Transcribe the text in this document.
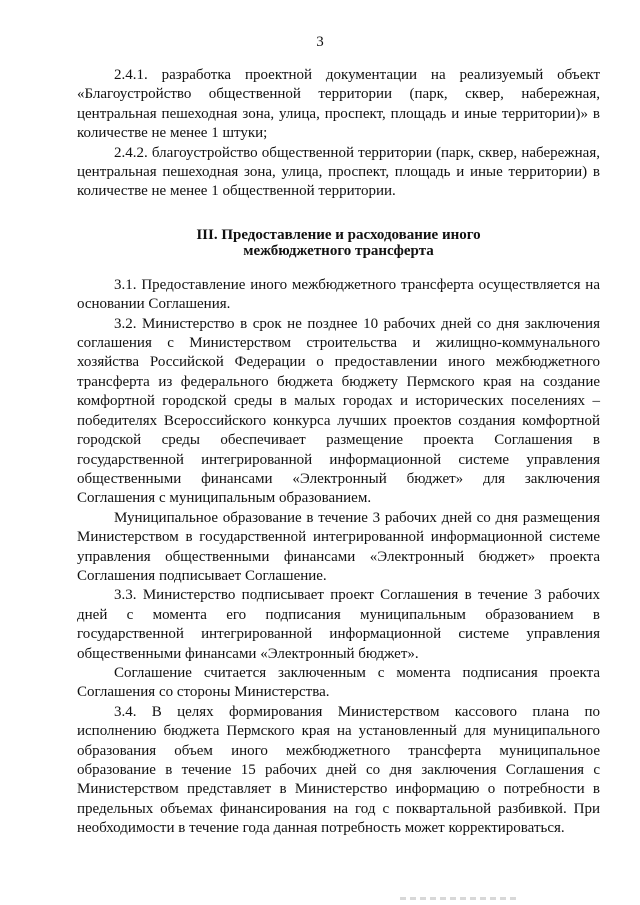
3

2.4.1. разработка проектной документации на реализуемый объект «Благоустройство общественной территории (парк, сквер, набережная, центральная пешеходная зона, улица, проспект, площадь и иные территории)» в количестве не менее 1 штуки;

2.4.2. благоустройство общественной территории (парк, сквер, набережная, центральная пешеходная зона, улица, проспект, площадь и иные территории) в количестве не менее 1 общественной территории.

III. Предоставление и расходование иного
межбюджетного трансферта

3.1. Предоставление иного межбюджетного трансферта осуществляется на основании Соглашения.

3.2. Министерство в срок не позднее 10 рабочих дней со дня заключения соглашения с Министерством строительства и жилищно-коммунального хозяйства Российской Федерации о предоставлении иного межбюджетного трансферта из федерального бюджета бюджету Пермского края на создание комфортной городской среды в малых городах и исторических поселениях – победителях Всероссийского конкурса лучших проектов создания комфортной городской среды обеспечивает размещение проекта Соглашения в государственной интегрированной информационной системе управления общественными финансами «Электронный бюджет» для заключения Соглашения с муниципальным образованием.

Муниципальное образование в течение 3 рабочих дней со дня размещения Министерством в государственной интегрированной информационной системе управления общественными финансами «Электронный бюджет» проекта Соглашения подписывает Соглашение.

3.3. Министерство подписывает проект Соглашения в течение 3 рабочих дней с момента его подписания муниципальным образованием в государственной интегрированной информационной системе управления общественными финансами «Электронный бюджет».

Соглашение считается заключенным с момента подписания проекта Соглашения со стороны Министерства.

3.4. В целях формирования Министерством кассового плана по исполнению бюджета Пермского края на установленный для муниципального образования объем иного межбюджетного трансферта муниципальное образование в течение 15 рабочих дней со дня заключения Соглашения с Министерством представляет в Министерство информацию о потребности в предельных объемах финансирования на год с поквартальной разбивкой. При необходимости в течение года данная потребность может корректироваться.
